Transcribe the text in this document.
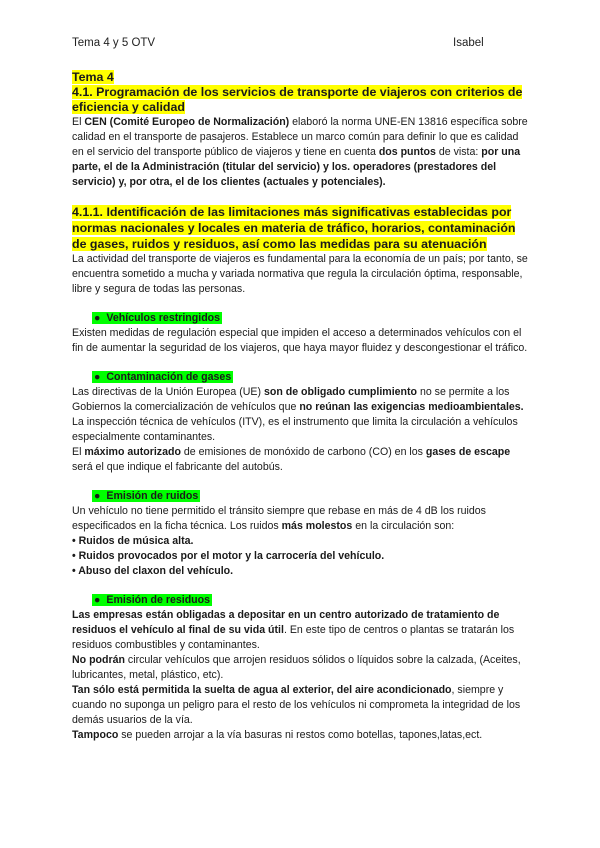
Tema 4 y 5 OTV	Isabel

Tema 4

4.1. Programación de los servicios de transporte de viajeros con criterios de eficiencia y calidad

El CEN (Comité Europeo de Normalización) elaboró la norma UNE-EN 13816 específica sobre calidad en el transporte de pasajeros. Establece un marco común para definir lo que es calidad en el servicio del transporte público de viajeros y tiene en cuenta dos puntos de vista: por una parte, el de la Administración (titular del servicio) y los. operadores (prestadores del servicio) y, por otra, el de los clientes (actuales y potenciales).

4.1.1. Identificación de las limitaciones más significativas establecidas por normas nacionales y locales en materia de tráfico, horarios, contaminación de gases, ruidos y residuos, así como las medidas para su atenuación

La actividad del transporte de viajeros es fundamental para la economía de un país; por tanto, se encuentra sometido a mucha y variada normativa que regula la circulación óptima, responsable, libre y segura de todas las personas.

● Vehículos restringidos

Existen medidas de regulación especial que impiden el acceso a determinados vehículos con el fin de aumentar la seguridad de los viajeros, que haya mayor fluidez y descongestionar el tráfico.

● Contaminación de gases

Las directivas de la Unión Europea (UE) son de obligado cumplimiento no se permite a los Gobiernos la comercialización de vehículos que no reúnan las exigencias medioambientales.

La inspección técnica de vehículos (ITV), es el instrumento que limita la circulación a vehículos especialmente contaminantes.

El máximo autorizado de emisiones de monóxido de carbono (CO) en los gases de escape será el que indique el fabricante del autobús.

● Emisión de ruidos

Un vehículo no tiene permitido el tránsito siempre que rebase en más de 4 dB los ruidos especificados en la ficha técnica. Los ruidos más molestos en la circulación son:

• Ruidos de música alta.

• Ruidos provocados por el motor y la carrocería del vehículo.

• Abuso del claxon del vehículo.

● Emisión de residuos

Las empresas están obligadas a depositar en un centro autorizado de tratamiento de residuos el vehículo al final de su vida útil. En este tipo de centros o plantas se tratarán los residuos combustibles y contaminantes.

No podrán circular vehículos que arrojen residuos sólidos o líquidos sobre la calzada, (Aceites, lubricantes, metal, plástico, etc).

Tan sólo está permitida la suelta de agua al exterior, del aire acondicionado, siempre y cuando no suponga un peligro para el resto de los vehículos ni comprometa la integridad de los demás usuarios de la vía.

Tampoco se pueden arrojar a la vía basuras ni restos como botellas, tapones,latas,ect.
